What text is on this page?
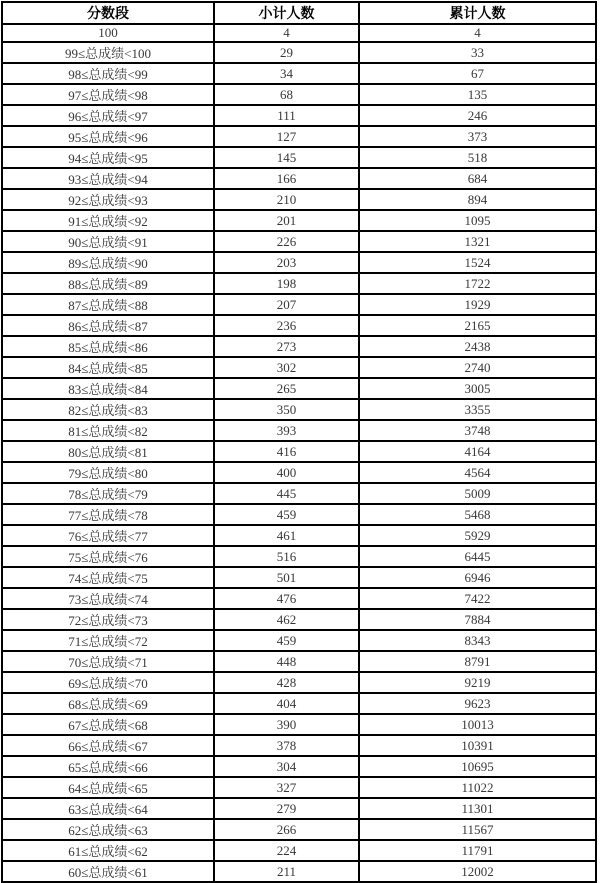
分数段	小计人数	累计人数
100	4	4
99≤总成绩<100	29	33
98≤总成绩<99	34	67
97≤总成绩<98	68	135
96≤总成绩<97	111	246
95≤总成绩<96	127	373
94≤总成绩<95	145	518
93≤总成绩<94	166	684
92≤总成绩<93	210	894
91≤总成绩<92	201	1095
90≤总成绩<91	226	1321
89≤总成绩<90	203	1524
88≤总成绩<89	198	1722
87≤总成绩<88	207	1929
86≤总成绩<87	236	2165
85≤总成绩<86	273	2438
84≤总成绩<85	302	2740
83≤总成绩<84	265	3005
82≤总成绩<83	350	3355
81≤总成绩<82	393	3748
80≤总成绩<81	416	4164
79≤总成绩<80	400	4564
78≤总成绩<79	445	5009
77≤总成绩<78	459	5468
76≤总成绩<77	461	5929
75≤总成绩<76	516	6445
74≤总成绩<75	501	6946
73≤总成绩<74	476	7422
72≤总成绩<73	462	7884
71≤总成绩<72	459	8343
70≤总成绩<71	448	8791
69≤总成绩<70	428	9219
68≤总成绩<69	404	9623
67≤总成绩<68	390	10013
66≤总成绩<67	378	10391
65≤总成绩<66	304	10695
64≤总成绩<65	327	11022
63≤总成绩<64	279	11301
62≤总成绩<63	266	11567
61≤总成绩<62	224	11791
60≤总成绩<61	211	12002
